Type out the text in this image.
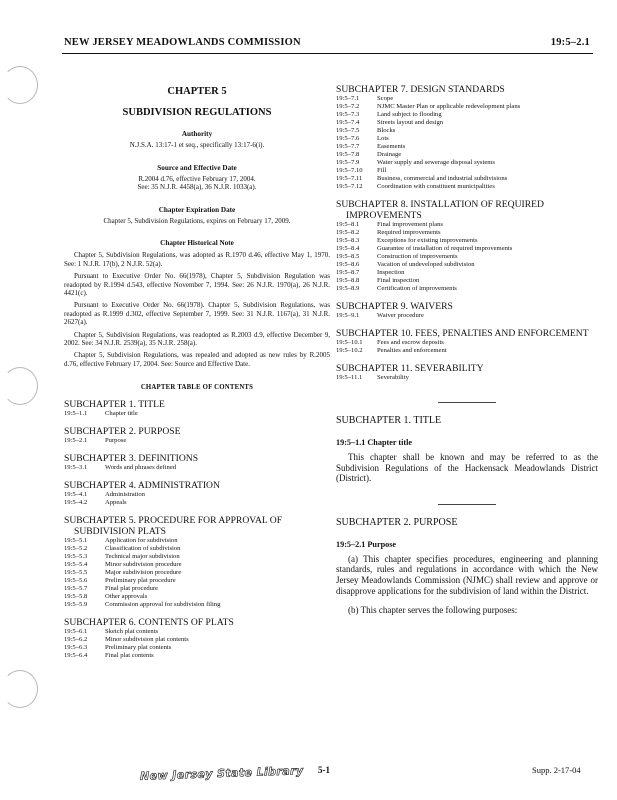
NEW JERSEY MEADOWLANDS COMMISSION	19:5–2.1
CHAPTER 5
SUBDIVISION REGULATIONS
Authority
N.J.S.A. 13:17-1 et seq., specifically 13:17-6(i).
Source and Effective Date
R.2004 d.76, effective February 17, 2004.
See: 35 N.J.R. 4458(a), 36 N.J.R. 1033(a).
Chapter Expiration Date
Chapter 5, Subdivision Regulations, expires on February 17, 2009.
Chapter Historical Note
Chapter 5, Subdivision Regulations, was adopted as R.1970 d.46, effective May 1, 1970. See: 1 N.J.R. 17(b), 2 N.J.R. 52(a).
Pursuant to Executive Order No. 66(1978), Chapter 5, Subdivision Regulation was readopted by R.1994 d.543, effective November 7, 1994. See: 26 N.J.R. 1970(a), 26 N.J.R. 4421(c).
Pursuant to Executive Order No. 66(1978). Chapter 5, Subdivision Regulations, was readopted as R.1999 d.302, effective September 7, 1999. See: 31 N.J.R. 1167(a), 31 N.J.R. 2627(a).
Chapter 5, Subdivision Regulations, was readopted as R.2003 d.9, effective December 9, 2002. See: 34 N.J.R. 2539(a), 35 N.J.R. 258(a).
Chapter 5, Subdivision Regulations, was repealed and adopted as new rules by R.2005 d.76, effective February 17, 2004. See: Source and Effective Date.
CHAPTER TABLE OF CONTENTS
SUBCHAPTER 1. TITLE
19:5–1.1	Chapter title
SUBCHAPTER 2. PURPOSE
19:5–2.1	Purpose
SUBCHAPTER 3. DEFINITIONS
19:5–3.1	Words and phrases defined
SUBCHAPTER 4. ADMINISTRATION
19:5–4.1	Administration
19:5–4.2	Appeals
SUBCHAPTER 5. PROCEDURE FOR APPROVAL OF SUBDIVISION PLATS
19:5–5.1	Application for subdivision
19:5–5.2	Classification of subdivision
19:5–5.3	Technical major subdivision
19:5–5.4	Minor subdivision procedure
19:5–5.5	Major subdivision procedure
19:5–5.6	Preliminary plat procedure
19:5–5.7	Final plat procedure
19:5–5.8	Other approvals
19:5–5.9	Commission approval for subdivision filing
SUBCHAPTER 6. CONTENTS OF PLATS
19:5–6.1	Sketch plat contents
19:5–6.2	Minor subdivision plat contents
19:5–6.3	Preliminary plat contents
19:5–6.4	Final plat contents
SUBCHAPTER 7. DESIGN STANDARDS
19:5–7.1	Scope
19:5–7.2	NJMC Master Plan or applicable redevelopment plans
19:5–7.3	Land subject to flooding
19:5–7.4	Streets layout and design
19:5–7.5	Blocks
19:5–7.6	Lots
19:5–7.7	Easements
19:5–7.8	Drainage
19:5–7.9	Water supply and sewerage disposal systems
19:5–7.10	Fill
19:5–7.11	Business, commercial and industrial subdivisions
19:5–7.12	Coordination with constituent municipalities
SUBCHAPTER 8. INSTALLATION OF REQUIRED IMPROVEMENTS
19:5–8.1	Final improvement plans
19:5–8.2	Required improvements
19:5–8.3	Exceptions for existing improvements
19:5–8.4	Guarantee of installation of required improvements
19:5–8.5	Construction of improvements
19:5–8.6	Vacation of undeveloped subdivision
19:5–8.7	Inspection
19:5–8.8	Final inspection
19:5–8.9	Certification of improvements
SUBCHAPTER 9. WAIVERS
19:5–9.1	Waiver procedure
SUBCHAPTER 10. FEES, PENALTIES AND ENFORCEMENT
19:5–10.1	Fees and escrow deposits
19:5–10.2	Penalties and enforcement
SUBCHAPTER 11. SEVERABILITY
19:5–11.1	Severability
SUBCHAPTER 1. TITLE
19:5–1.1 Chapter title
This chapter shall be known and may be referred to as the Subdivision Regulations of the Hackensack Meadowlands District (District).
SUBCHAPTER 2. PURPOSE
19:5–2.1 Purpose
(a) This chapter specifies procedures, engineering and planning standards, rules and regulations in accordance with which the New Jersey Meadowlands Commission (NJMC) shall review and approve or disapprove applications for the subdivision of land within the District.
(b) This chapter serves the following purposes:
New Jersey State Library 5-1	Supp. 2-17-04
